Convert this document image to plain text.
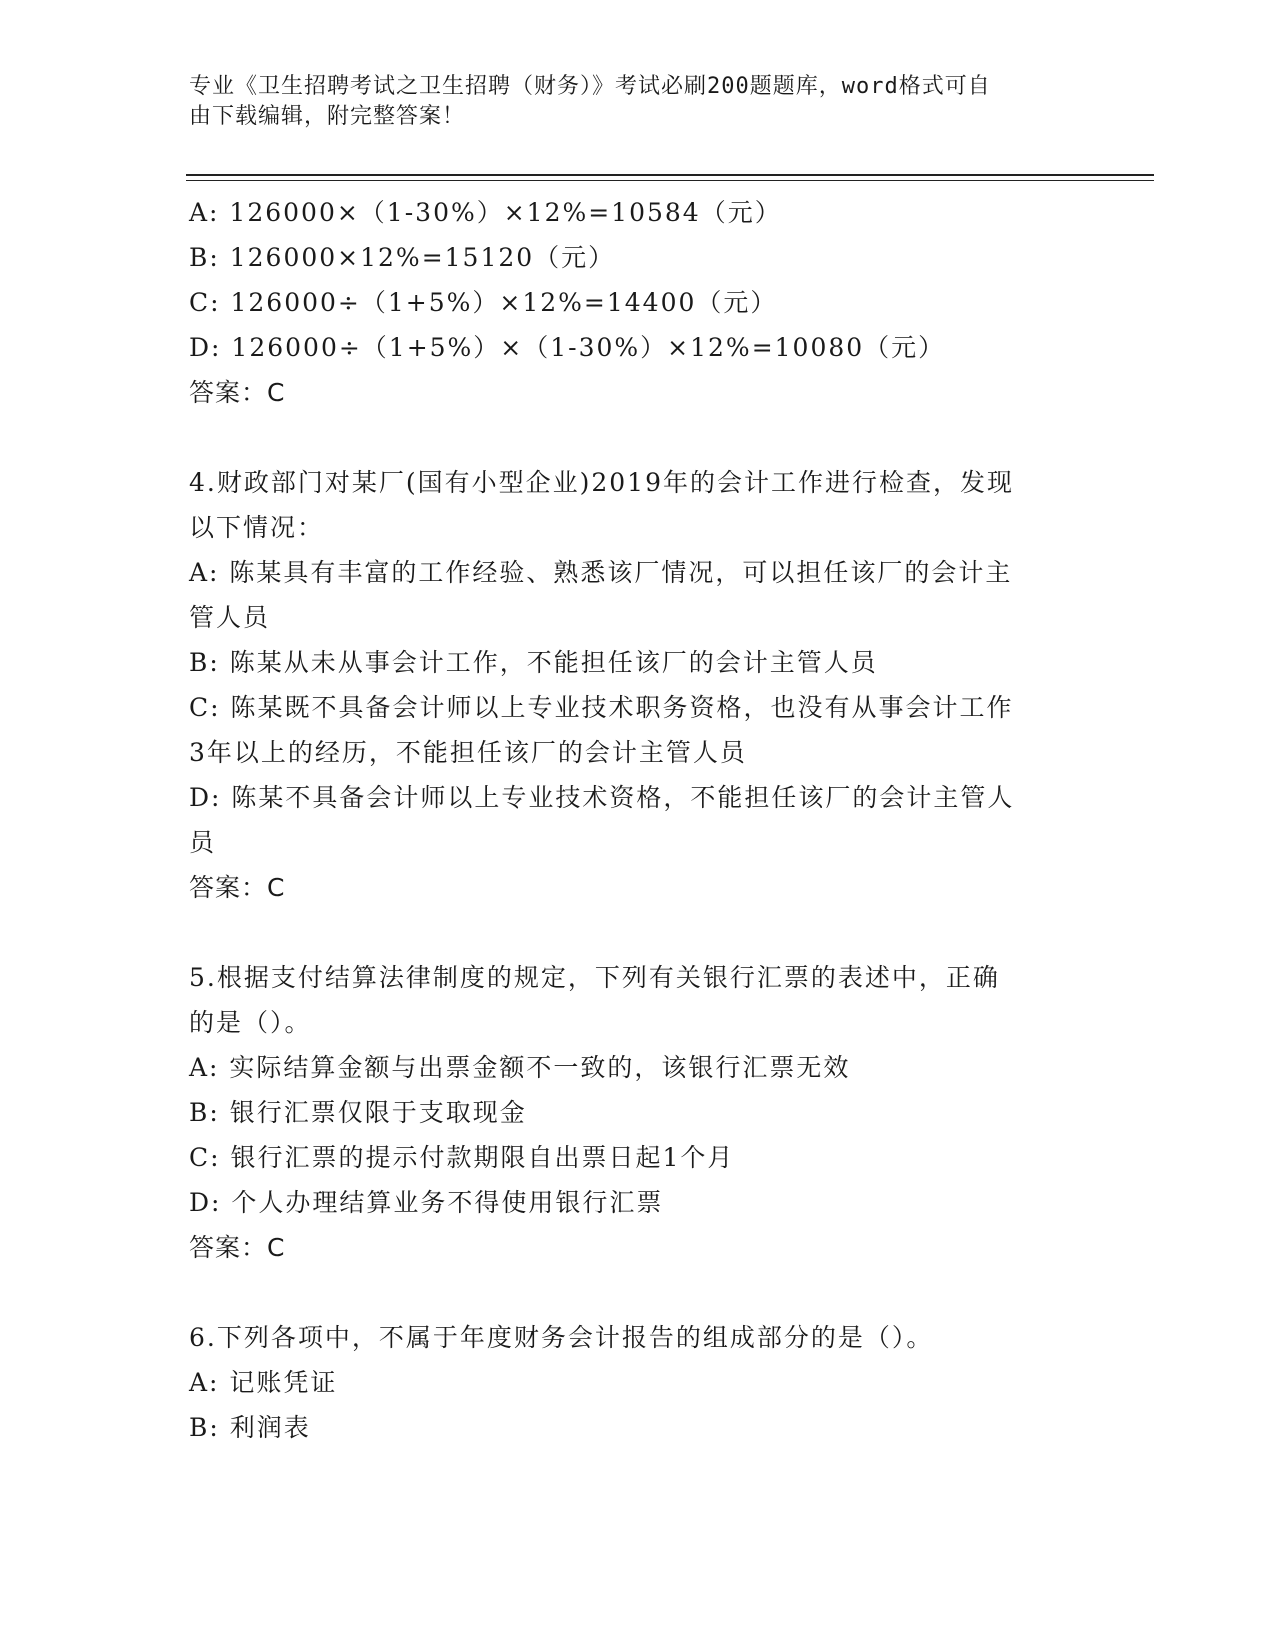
专业《卫生招聘考试之卫生招聘（财务）》考试必刷200题题库，word格式可自
由下载编辑，附完整答案！
A: 126000×（1-30%）×12%=10584（元）
B: 126000×12%=15120（元）
C: 126000÷（1+5%）×12%=14400（元）
D: 126000÷（1+5%）×（1-30%）×12%=10080（元）
答案：C
4.财政部门对某厂(国有小型企业)2019年的会计工作进行检查，发现
以下情况：
A: 陈某具有丰富的工作经验、熟悉该厂情况，可以担任该厂的会计主
管人员
B: 陈某从未从事会计工作，不能担任该厂的会计主管人员
C: 陈某既不具备会计师以上专业技术职务资格，也没有从事会计工作
3年以上的经历，不能担任该厂的会计主管人员
D: 陈某不具备会计师以上专业技术资格，不能担任该厂的会计主管人
员
答案：C
5.根据支付结算法律制度的规定，下列有关银行汇票的表述中，正确
的是（）。
A: 实际结算金额与出票金额不一致的，该银行汇票无效
B: 银行汇票仅限于支取现金
C: 银行汇票的提示付款期限自出票日起1个月
D: 个人办理结算业务不得使用银行汇票
答案：C
6.下列各项中，不属于年度财务会计报告的组成部分的是（）。
A: 记账凭证
B: 利润表
